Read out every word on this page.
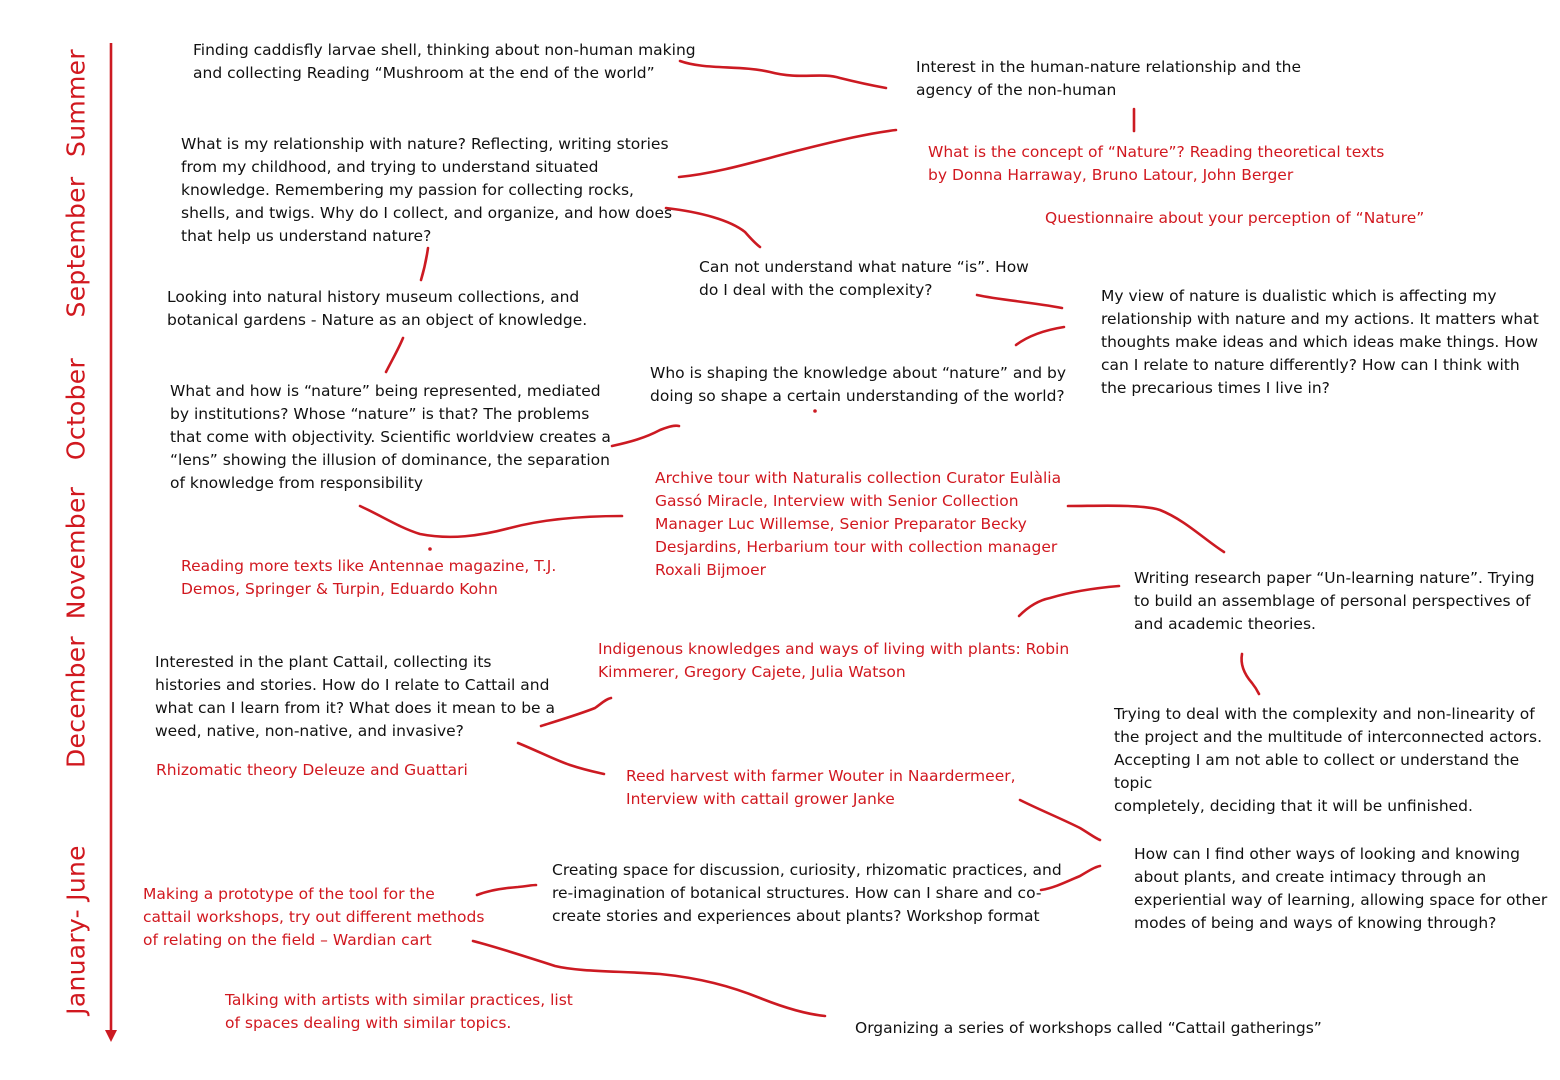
Summer
September
October
November
December
January- June
Finding caddisfly larvae shell, thinking about non-human making
and collecting Reading “Mushroom at the end of the world”	Interest in the human-nature relationship and the
agency of the non-human
What is the concept of “Nature”? Reading theoretical texts
by Donna Harraway, Bruno Latour, John Berger
Questionnaire about your perception of “Nature”
What is my relationship with nature? Reflecting, writing stories
from my childhood, and trying to understand situated
knowledge. Remembering my passion for collecting rocks,
shells, and twigs. Why do I collect, and organize, and how does
that help us understand nature?
Can not understand what nature “is”. How
do I deal with the complexity?
Looking into natural history museum collections, and
botanical gardens - Nature as an object of knowledge.
My view of nature is dualistic which is affecting my
relationship with nature and my actions. It matters what
thoughts make ideas and which ideas make things. How
can I relate to nature differently? How can I think with
the precarious times I live in?
Who is shaping the knowledge about “nature” and by
doing so shape a certain understanding of the world?
What and how is “nature” being represented, mediated
by institutions? Whose “nature” is that? The problems
that come with objectivity. Scientific worldview creates a
“lens” showing the illusion of dominance, the separation
of knowledge from responsibility	Archive tour with Naturalis collection Curator Eulàlia
Gassó Miracle, Interview with Senior Collection
Manager Luc Willemse, Senior Preparator Becky
Desjardins, Herbarium tour with collection manager
Roxali Bijmoer
Reading more texts like Antennae magazine, T.J.
Demos, Springer & Turpin, Eduardo Kohn
Writing research paper “Un-learning nature”. Trying
to build an assemblage of personal perspectives of
and academic theories.
Indigenous knowledges and ways of living with plants: Robin
Kimmerer, Gregory Cajete, Julia Watson
Interested in the plant Cattail, collecting its
histories and stories. How do I relate to Cattail and
what can I learn from it? What does it mean to be a
weed, native, non-native, and invasive?
Trying to deal with the complexity and non-linearity of
the project and the multitude of interconnected actors.
Accepting I am not able to collect or understand the topic
completely, deciding that it will be unfinished.
Rhizomatic theory Deleuze and Guattari	Reed harvest with farmer Wouter in Naardermeer,
Interview with cattail grower Janke
How can I find other ways of looking and knowing
about plants, and create intimacy through an
experiential way of learning, allowing space for other
modes of being and ways of knowing through?
Creating space for discussion, curiosity, rhizomatic practices, and
re-imagination of botanical structures. How can I share and co-
create stories and experiences about plants? Workshop format
Making a prototype of the tool for the
cattail workshops, try out different methods
of relating on the field – Wardian cart
Talking with artists with similar practices, list
of spaces dealing with similar topics.	Organizing a series of workshops called “Cattail gatherings”
